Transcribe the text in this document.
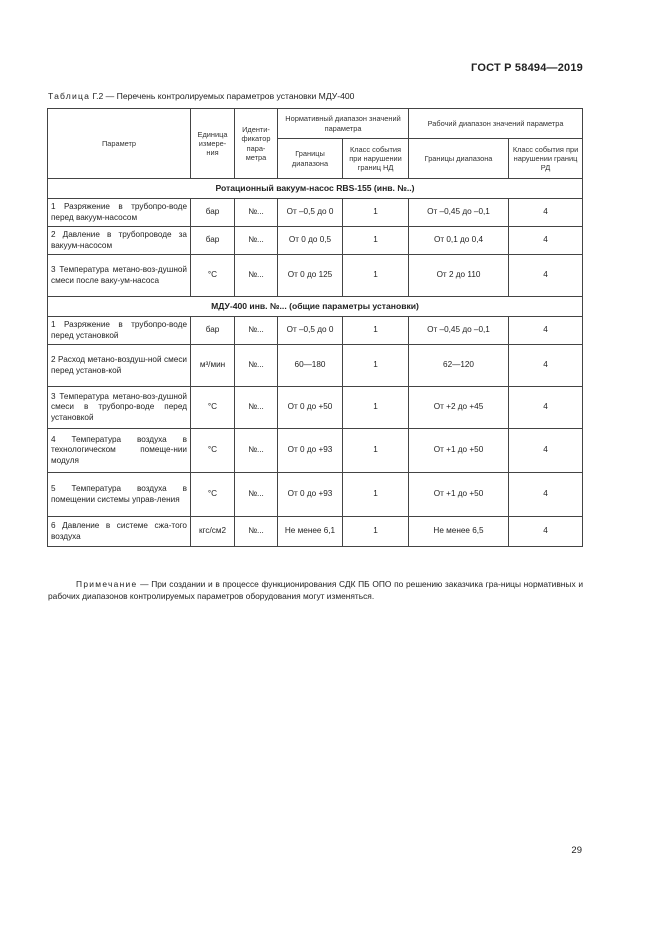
ГОСТ Р 58494—2019
Таблица Г.2 — Перечень контролируемых параметров установки МДУ-400
Параметр	Единица измере-ния	Иденти-фикатор пара-метра	Нормативный диапазон значений параметра		Рабочий диапазон значений параметра	
			Границы диапазона	Класс события при нарушении границ НД	Границы диапазона	Класс события при нарушении границ РД
Ротационный вакуум-насос RBS-155 (инв. №..)						
1 Разряжение в трубопро-воде перед вакуум-насосом	бар	№...	От –0,5 до 0	1	От –0,45 до –0,1	4
2 Давление в трубопроводе за вакуум-насосом	бар	№...	От 0 до 0,5	1	От 0,1 до 0,4	4
3 Температура метано-воз-душной смеси после ваку-ум-насоса	°С	№...	От 0 до 125	1	От 2 до 110	4
МДУ-400 инв. №... (общие параметры установки)						
1 Разряжение в трубопро-воде перед установкой	бар	№...	От –0,5 до 0	1	От –0,45 до –0,1	4
2 Расход метано-воздуш-ной смеси перед установ-кой	м³/мин	№...	60—180	1	62—120	4
3 Температура метано-воз-душной смеси в трубопро-воде перед установкой	°С	№...	От 0 до +50	1	От +2 до +45	4
4 Температура воздуха в технологическом помеще-нии модуля	°С	№...	От 0 до +93	1	От +1 до +50	4
5 Температура воздуха в помещении системы управ-ления	°С	№...	От 0 до +93	1	От +1 до +50	4
6 Давление в системе сжа-того воздуха	кгс/см2	№...	Не менее 6,1	1	Не менее 6,5	4
Примечание — При создании и в процессе функционирования СДК ПБ ОПО по решению заказчика гра-ницы нормативных и рабочих диапазонов контролируемых параметров оборудования могут изменяться.
29
